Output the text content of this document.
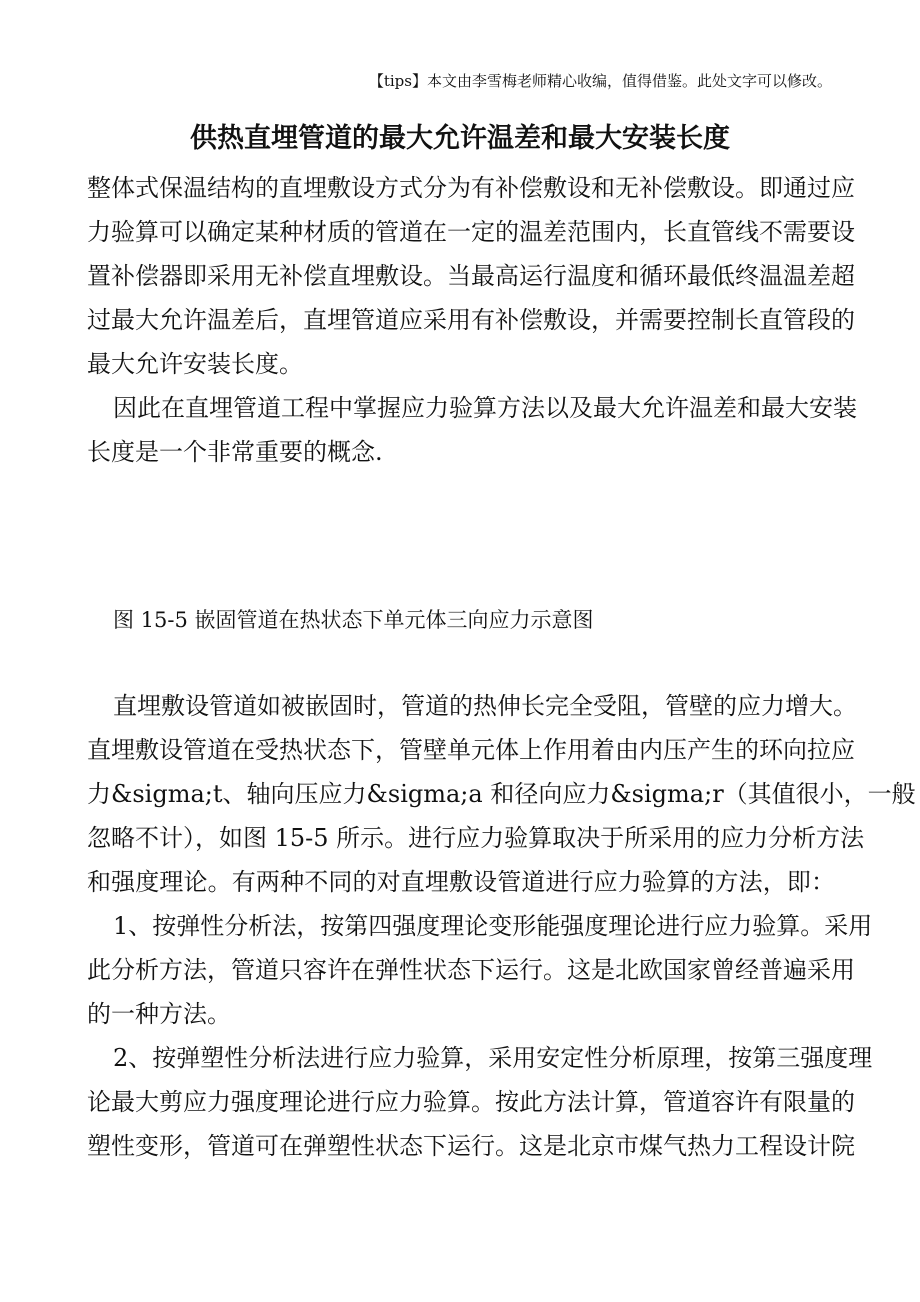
【tips】本文由李雪梅老师精心收编，值得借鉴。此处文字可以修改。
供热直埋管道的最大允许温差和最大安装长度
整体式保温结构的直埋敷设方式分为有补偿敷设和无补偿敷设。即通过应
力验算可以确定某种材质的管道在一定的温差范围内，长直管线不需要设
置补偿器即采用无补偿直埋敷设。当最高运行温度和循环最低终温温差超
过最大允许温差后，直埋管道应采用有补偿敷设，并需要控制长直管段的
最大允许安装长度。
因此在直埋管道工程中掌握应力验算方法以及最大允许温差和最大安装
长度是一个非常重要的概念.
图 15-5 嵌固管道在热状态下单元体三向应力示意图
直埋敷设管道如被嵌固时，管道的热伸长完全受阻，管壁的应力增大。
直埋敷设管道在受热状态下，管壁单元体上作用着由内压产生的环向拉应
力&sigma;t、轴向压应力&sigma;a 和径向应力&sigma;r（其值很小，一般
忽略不计），如图 15-5 所示。进行应力验算取决于所采用的应力分析方法
和强度理论。有两种不同的对直埋敷设管道进行应力验算的方法，即：
1、按弹性分析法，按第四强度理论变形能强度理论进行应力验算。采用
此分析方法，管道只容许在弹性状态下运行。这是北欧国家曾经普遍采用
的一种方法。
2、按弹塑性分析法进行应力验算，采用安定性分析原理，按第三强度理
论最大剪应力强度理论进行应力验算。按此方法计算，管道容许有限量的
塑性变形，管道可在弹塑性状态下运行。这是北京市煤气热力工程设计院
